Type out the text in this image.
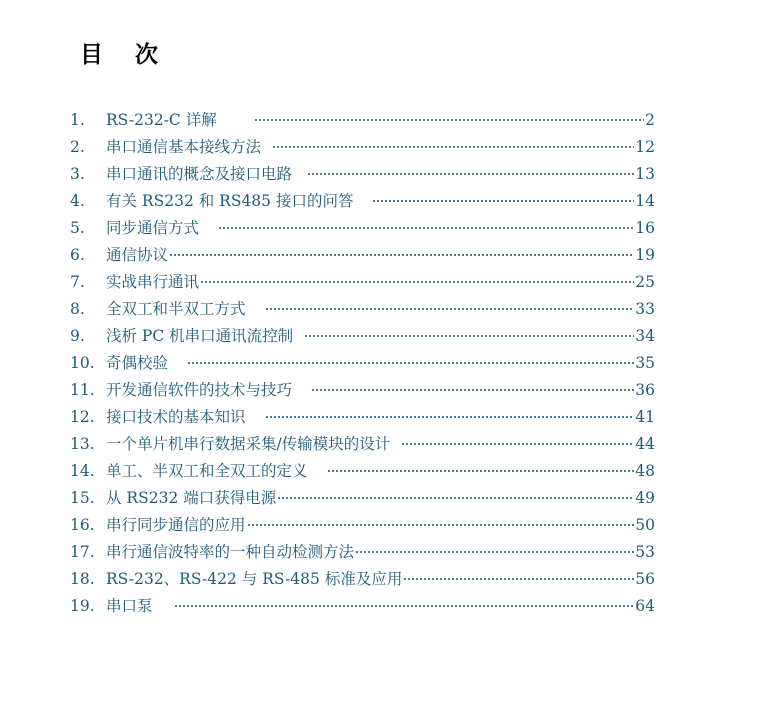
目    次
1.	RS-232-C 详解	2
2.	串口通信基本接线方法	12
3.	串口通讯的概念及接口电路	13
4.	有关 RS232 和 RS485 接口的问答	14
5.	同步通信方式	16
6.	通信协议	19
7.	实战串行通讯	25
8.	全双工和半双工方式	33
9.	浅析 PC 机串口通讯流控制	34
10. 奇偶校验	35
11. 开发通信软件的技术与技巧	36
12. 接口技术的基本知识	41
13. 一个单片机串行数据采集/传输模块的设计	44
14. 单工、半双工和全双工的定义	48
15. 从 RS232 端口获得电源	49
16. 串行同步通信的应用	50
17. 串行通信波特率的一种自动检测方法	53
18. RS-232、RS-422 与 RS-485 标准及应用	56
19. 串口泵	64
